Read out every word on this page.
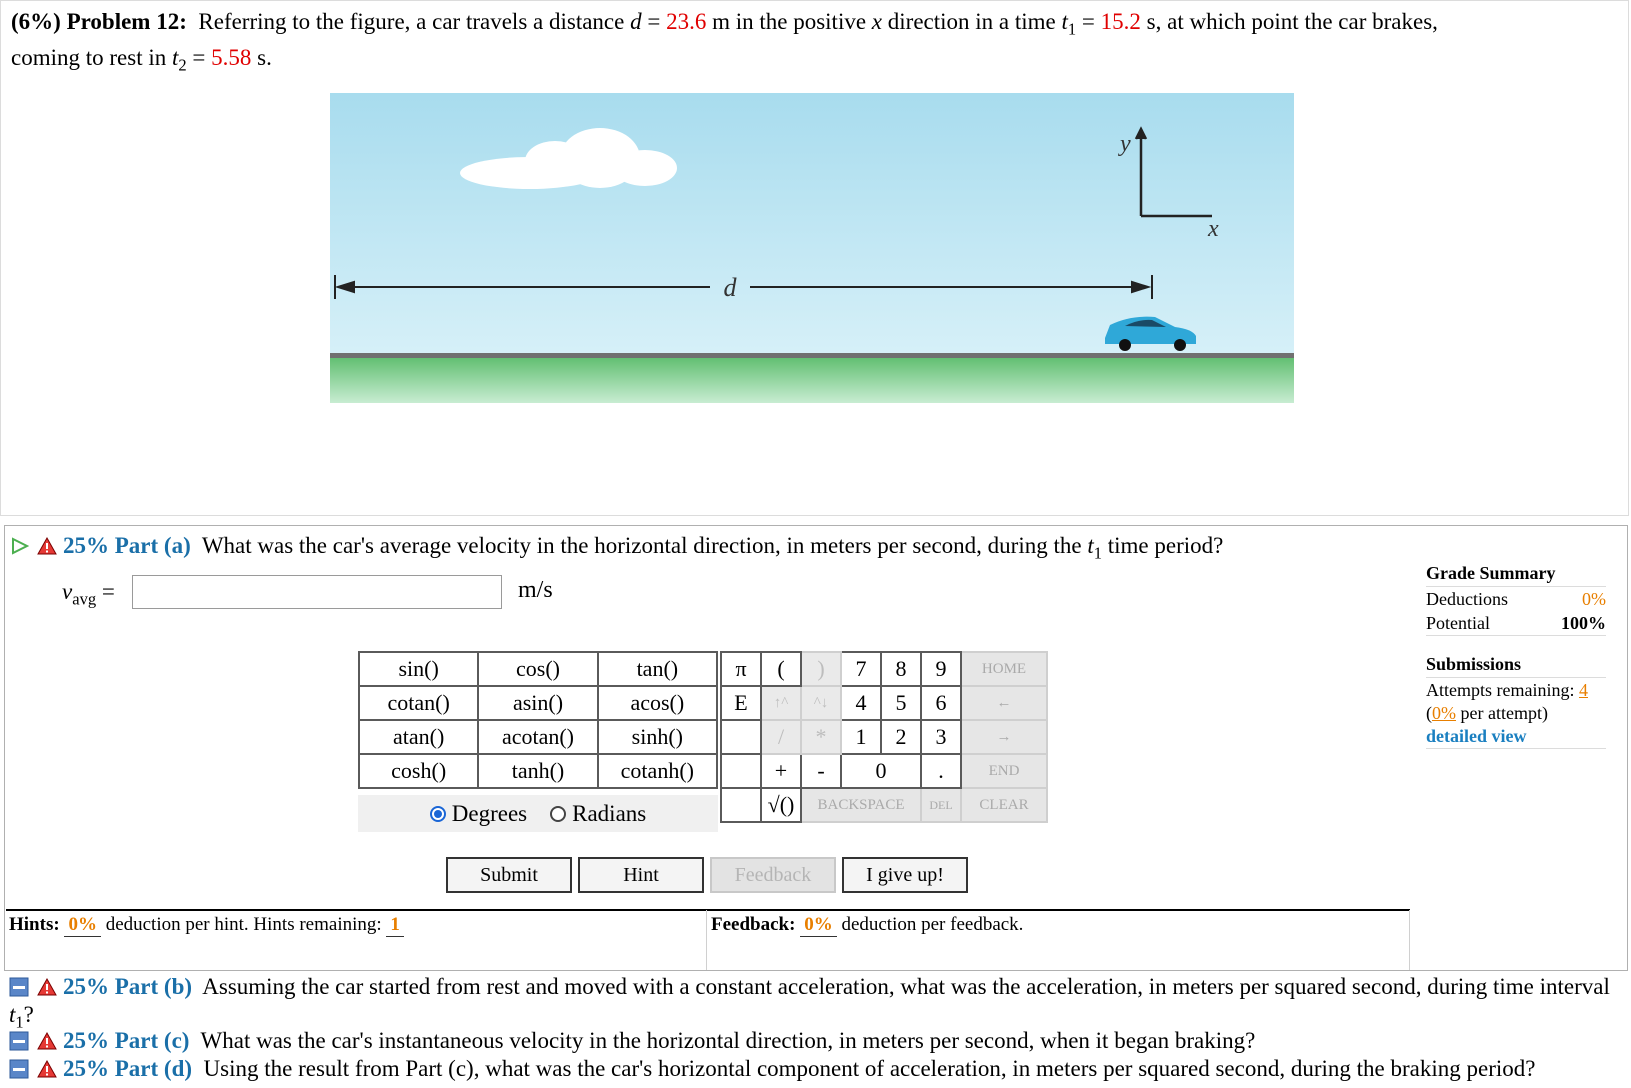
(6%) Problem 12: Referring to the figure, a car travels a distance d = 23.6 m in the positive x direction in a time $t_1 = 15.2$ s, at which point the car brakes,
coming to rest in $t_2 = 5.58$ s.
y
x
d
25% Part (a) What was the car's average velocity in the horizontal direction, in meters per second, during the $t_1$ time period?
$v_{avg}$ =	m/s
sin()	cos()	tan()
cotan()	asin()	acos()
atan()	acotan()	sinh()
cosh()	tanh()	cotanh()
Degrees Radians
π	(	)	7	8	9	HOME
E	↑^	^↓	4	5	6	←
	/	*	1	2	3	→
	+	-	0		.	END
	√()	BACKSPACE			DEL	CLEAR
Submit	Hint	Feedback	I give up!
Hints: 0% deduction per hint. Hints remaining: 1	Feedback: 0% deduction per feedback.
Grade Summary
Deductions	0%
Potential	100%
Submissions
Attempts remaining: 4
(0% per attempt)
detailed view
25% Part (b) Assuming the car started from rest and moved with a constant acceleration, what was the acceleration, in meters per squared second, during time interval $t_1$?
25% Part (c) What was the car's instantaneous velocity in the horizontal direction, in meters per second, when it began braking?
25% Part (d) Using the result from Part (c), what was the car's horizontal component of acceleration, in meters per squared second, during the braking period?
